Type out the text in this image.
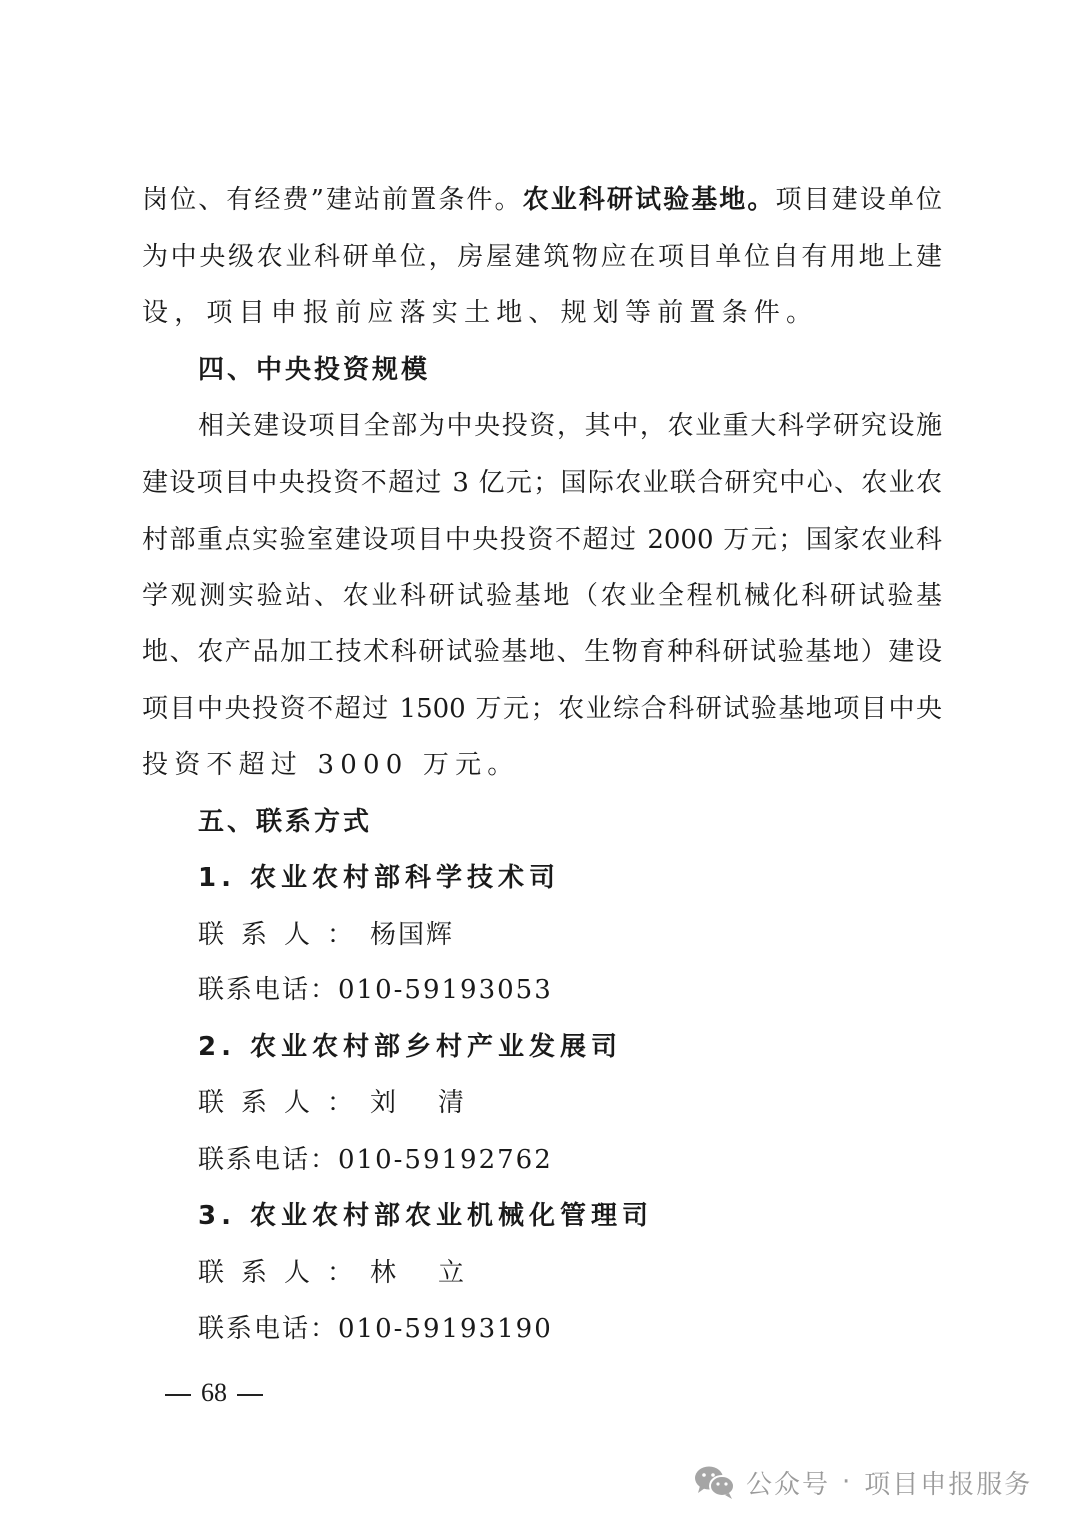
岗位、有经费”建站前置条件。农业科研试验基地。项目建设单位
为中央级农业科研单位，房屋建筑物应在项目单位自有用地上建
设，项目申报前应落实土地、规划等前置条件。
四、中央投资规模
相关建设项目全部为中央投资，其中，农业重大科学研究设施
建设项目中央投资不超过 3 亿元；国际农业联合研究中心、农业农
村部重点实验室建设项目中央投资不超过 2000 万元；国家农业科
学观测实验站、农业科研试验基地（农业全程机械化科研试验基
地、农产品加工技术科研试验基地、生物育种科研试验基地）建设
项目中央投资不超过 1500 万元；农业综合科研试验基地项目中央
投资不超过 3000 万元。
五、联系方式
1. 农业农村部科学技术司
联系人：杨国辉
联系电话：010-59193053
2. 农业农村部乡村产业发展司
联系人：刘清
联系电话：010-59192762
3. 农业农村部农业机械化管理司
联系人：林立
联系电话：010-59193190
68
公众号 · 项目申报服务
